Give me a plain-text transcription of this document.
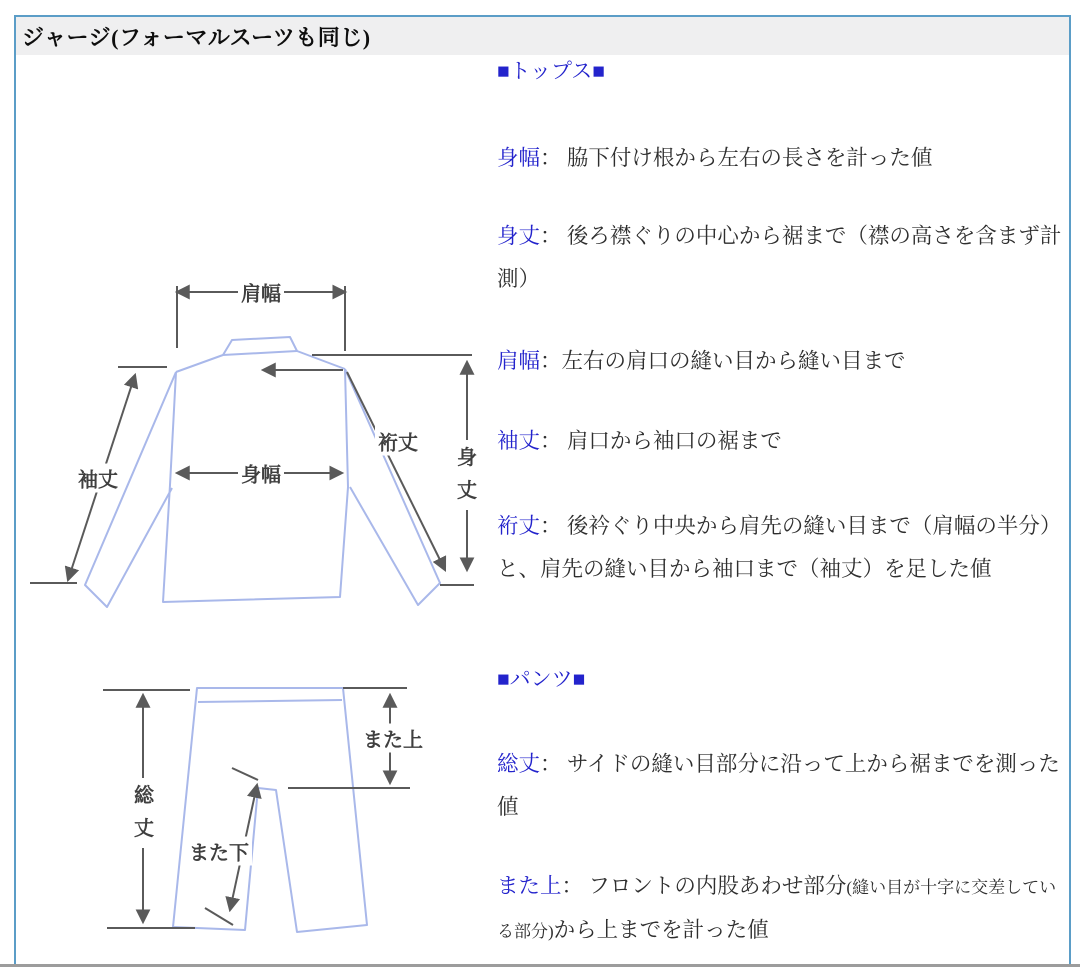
ジャージ(フォーマルスーツも同じ)
肩幅
身幅
袖丈
裄丈
身丈
総丈
また上
また下
■トップス■
身幅： 脇下付け根から左右の長さを計った値
身丈： 後ろ襟ぐりの中心から裾まで（襟の高さを含まず計測）
肩幅：左右の肩口の縫い目から縫い目まで
袖丈： 肩口から袖口の裾まで
裄丈： 後衿ぐり中央から肩先の縫い目まで（肩幅の半分）と、肩先の縫い目から袖口まで（袖丈）を足した値
■パンツ■
総丈： サイドの縫い目部分に沿って上から裾までを測った値
また上： フロントの内股あわせ部分(縫い目が十字に交差している部分)から上までを計った値
